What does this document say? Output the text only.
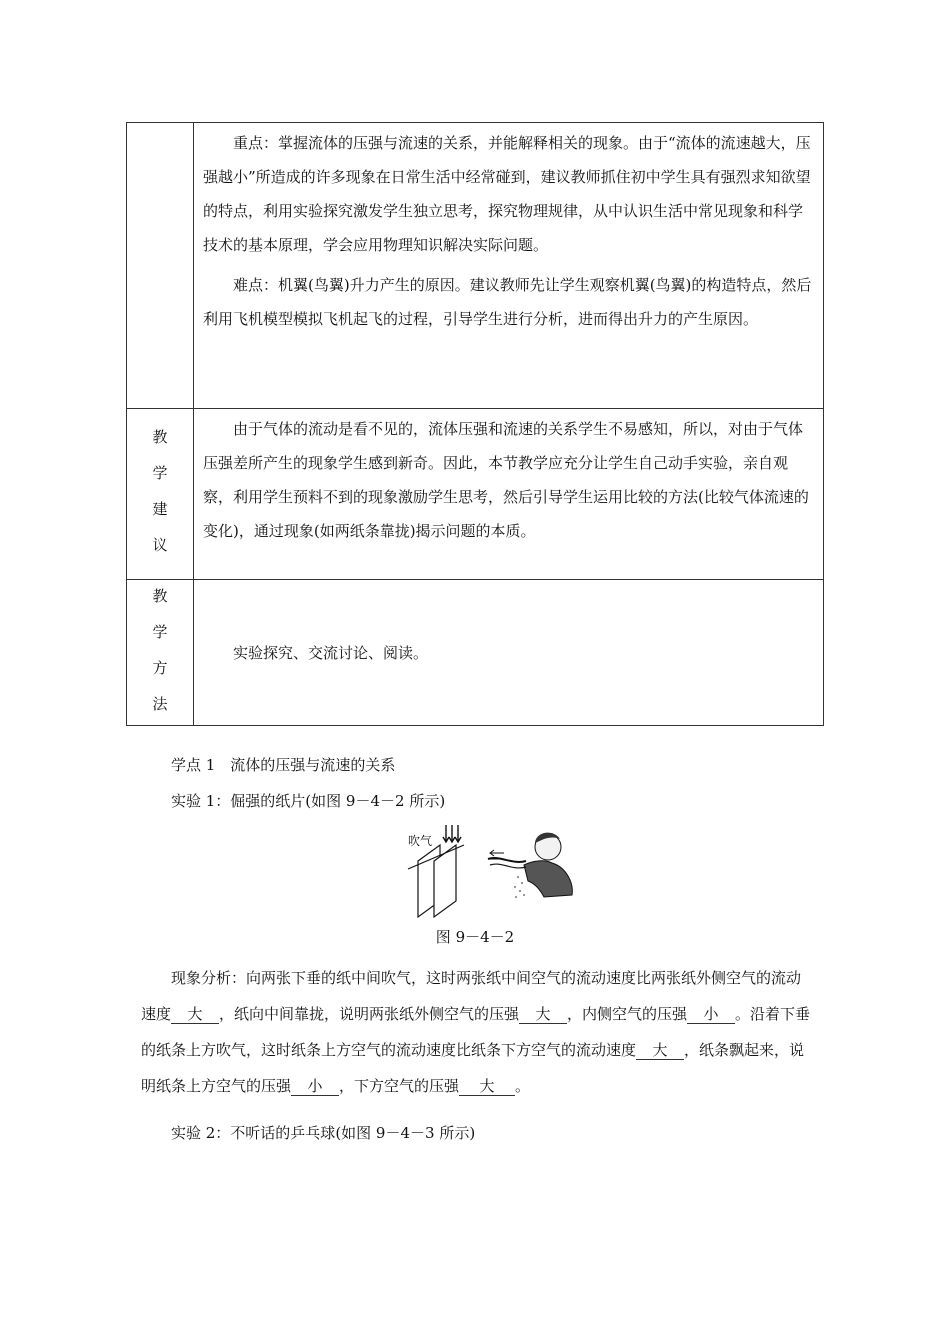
	重点：掌握流体的压强与流速的关系，并能解释相关的现象。由于“流体的流速越大，压强越小”所造成的许多现象在日常生活中经常碰到，建议教师抓住初中学生具有强烈求知欲望的特点，利用实验探究激发学生独立思考，探究物理规律，从中认识生活中常见现象和科学技术的基本原理，学会应用物理知识解决实际问题。

难点：机翼(鸟翼)升力产生的原因。建议教师先让学生观察机翼(鸟翼)的构造特点，然后利用飞机模型模拟飞机起飞的过程，引导学生进行分析，进而得出升力的产生原因。

教
学
建
议	由于气体的流动是看不见的，流体压强和流速的关系学生不易感知，所以，对由于气体压强差所产生的现象学生感到新奇。因此，本节教学应充分让学生自己动手实验，亲自观察，利用学生预料不到的现象激励学生思考，然后引导学生运用比较的方法(比较气体流速的变化)，通过现象(如两纸条靠拢)揭示问题的本质。

教
学
方
法	实验探究、交流讨论、阅读。

学点 1　流体的压强与流速的关系

实验 1：倔强的纸片(如图 9－4－2 所示)

吹气
图 9－4－2

现象分析：向两张下垂的纸中间吹气，这时两张纸中间空气的流动速度比两张纸外侧空气的流动速度 大 ，纸向中间靠拢，说明两张纸外侧空气的压强 大 ，内侧空气的压强 小 。沿着下垂的纸条上方吹气，这时纸条上方空气的流动速度比纸条下方空气的流动速度 大 ，纸条飘起来，说明纸条上方空气的压强 小 ，下方空气的压强 大 。

实验 2：不听话的乒乓球(如图 9－4－3 所示)
